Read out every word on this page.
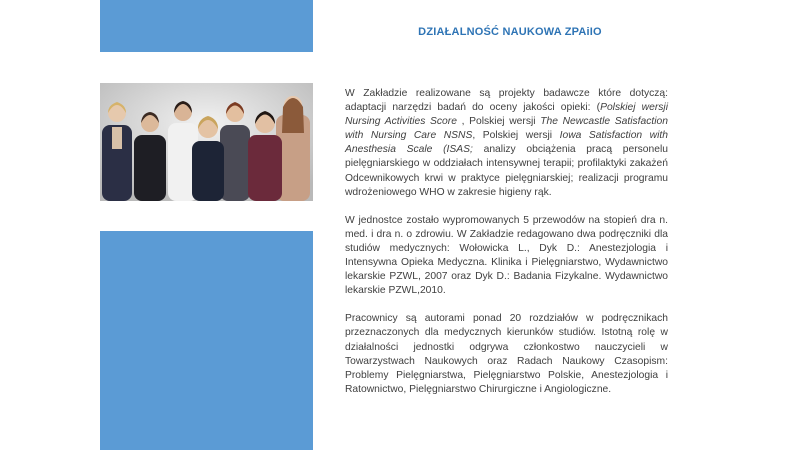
DZIAŁALNOŚĆ NAUKOWA ZPAiIO

W Zakładzie realizowane są projekty badawcze które dotyczą: adaptacji narzędzi badań do oceny jakości opieki: (Polskiej wersji Nursing Activities Score , Polskiej wersji The Newcastle Satisfaction with Nursing Care NSNS, Polskiej wersji Iowa Satisfaction with Anesthesia Scale (ISAS; analizy obciążenia pracą personelu pielęgniarskiego w oddziałach intensywnej terapii; profilaktyki zakażeń Odcewnikowych krwi w praktyce pielęgniarskiej; realizacji programu wdrożeniowego WHO w zakresie higieny rąk.

W jednostce zostało wypromowanych 5 przewodów na stopień dra n. med. i dra n. o zdrowiu. W Zakładzie redagowano dwa podręczniki dla studiów medycznych: Wołowicka L., Dyk D.: Anestezjologia i Intensywna Opieka Medyczna. Klinika i Pielęgniarstwo, Wydawnictwo lekarskie PZWL, 2007 oraz Dyk D.: Badania Fizykalne. Wydawnictwo lekarskie PZWL,2010.

Pracownicy są autorami ponad 20 rozdziałów w podręcznikach przeznaczonych dla medycznych kierunków studiów. Istotną rolę w działalności jednostki odgrywa członkostwo nauczycieli w Towarzystwach Naukowych oraz Radach Naukowy Czasopism: Problemy Pielęgniarstwa, Pielęgniarstwo Polskie, Anestezjologia i Ratownictwo, Pielęgniarstwo Chirurgiczne i Angiologiczne.
